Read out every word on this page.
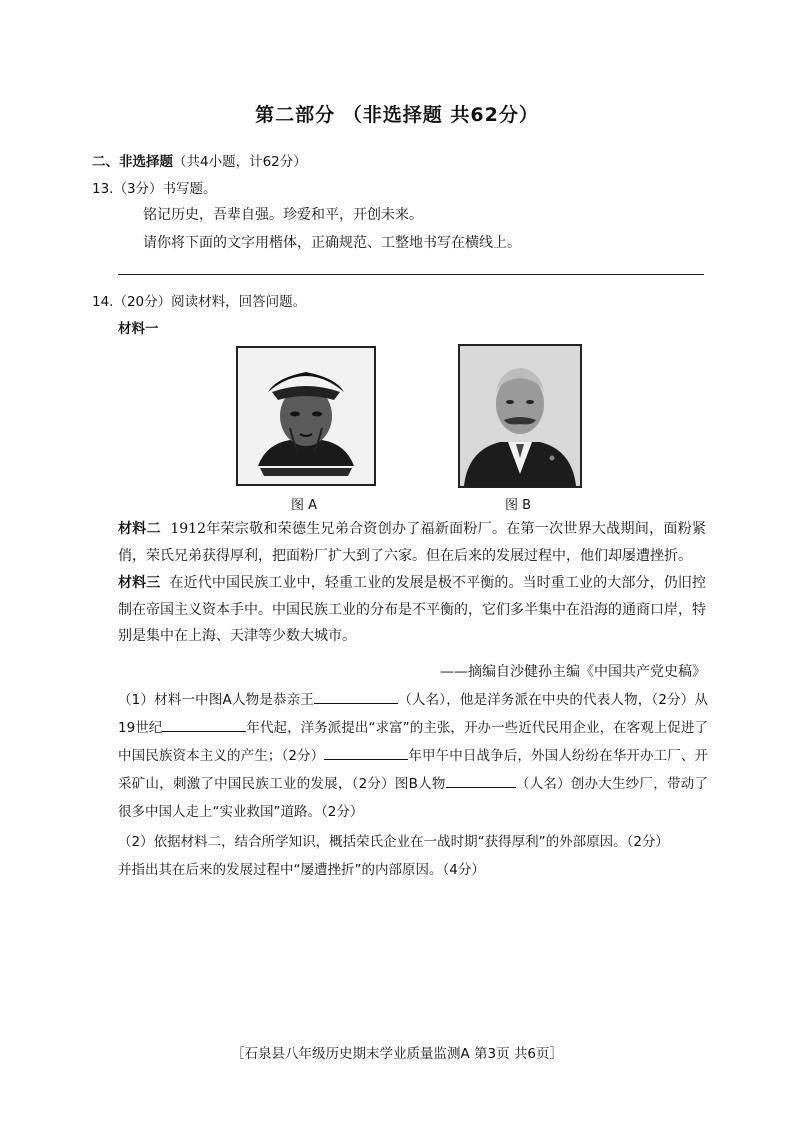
第二部分 （非选择题 共62分）
二、非选择题（共4小题，计62分）
13.（3分）书写题。
铭记历史，吾辈自强。珍爱和平，开创未来。
请你将下面的文字用楷体，正确规范、工整地书写在横线上。
14.（20分）阅读材料，回答问题。
材料一
图 A	图 B
材料二 1912年荣宗敬和荣德生兄弟合资创办了福新面粉厂。在第一次世界大战期间，面粉紧俏，荣氏兄弟获得厚利，把面粉厂扩大到了六家。但在后来的发展过程中，他们却屡遭挫折。
材料三 在近代中国民族工业中，轻重工业的发展是极不平衡的。当时重工业的大部分，仍旧控制在帝国主义资本手中。中国民族工业的分布是不平衡的，它们多半集中在沿海的通商口岸，特别是集中在上海、天津等少数大城市。
——摘编自沙健孙主编《中国共产党史稿》
（1）材料一中图A人物是恭亲王	（人名），他是洋务派在中央的代表人物，（2分）从19世纪	年代起，洋务派提出“求富”的主张，开办一些近代民用企业，在客观上促进了中国民族资本主义的产生；（2分）	年甲午中日战争后，外国人纷纷在华开办工厂、开采矿山，刺激了中国民族工业的发展，（2分）图B人物	（人名）创办大生纱厂，带动了很多中国人走上“实业救国”道路。（2分）
（2）依据材料二，结合所学知识，概括荣氏企业在一战时期“获得厚利”的外部原因。（2分）
并指出其在后来的发展过程中“屡遭挫折”的内部原因。（4分）
［石泉县八年级历史期末学业质量监测A 第3页 共6页］
